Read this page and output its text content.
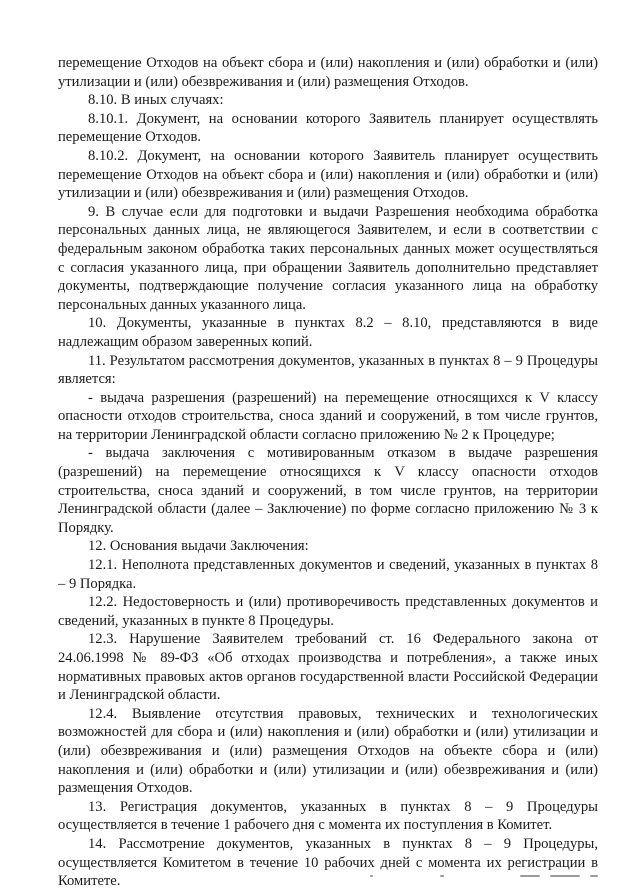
перемещение Отходов на объект сбора и (или) накопления и (или) обработки и (или) утилизации и (или) обезвреживания и (или) размещения Отходов.

8.10. В иных случаях:

8.10.1. Документ, на основании которого Заявитель планирует осуществлять перемещение Отходов.

8.10.2. Документ, на основании которого Заявитель планирует осуществить перемещение Отходов на объект сбора и (или) накопления и (или) обработки и (или) утилизации и (или) обезвреживания и (или) размещения Отходов.

9. В случае если для подготовки и выдачи Разрешения необходима обработка персональных данных лица, не являющегося Заявителем, и если в соответствии с федеральным законом обработка таких персональных данных может осуществляться с согласия указанного лица, при обращении Заявитель дополнительно представляет документы, подтверждающие получение согласия указанного лица на обработку персональных данных указанного лица.

10. Документы, указанные в пунктах 8.2 – 8.10, представляются в виде надлежащим образом заверенных копий.

11. Результатом рассмотрения документов, указанных в пунктах 8 – 9 Процедуры является:

- выдача разрешения (разрешений) на перемещение относящихся к V классу опасности отходов строительства, сноса зданий и сооружений, в том числе грунтов, на территории Ленинградской области согласно приложению № 2 к Процедуре;

- выдача заключения с мотивированным отказом в выдаче разрешения (разрешений) на перемещение относящихся к V классу опасности отходов строительства, сноса зданий и сооружений, в том числе грунтов, на территории Ленинградской области (далее – Заключение) по форме согласно приложению № 3 к Порядку.

12. Основания выдачи Заключения:

12.1. Неполнота представленных документов и сведений, указанных в пунктах 8 – 9 Порядка.

12.2. Недостоверность и (или) противоречивость представленных документов и сведений, указанных в пункте 8 Процедуры.

12.3. Нарушение Заявителем требований ст. 16 Федерального закона от 24.06.1998 № 89-ФЗ «Об отходах производства и потребления», а также иных нормативных правовых актов органов государственной власти Российской Федерации и Ленинградской области.

12.4. Выявление отсутствия правовых, технических и технологических возможностей для сбора и (или) накопления и (или) обработки и (или) утилизации и (или) обезвреживания и (или) размещения Отходов на объекте сбора и (или) накопления и (или) обработки и (или) утилизации и (или) обезвреживания и (или) размещения Отходов.

13. Регистрация документов, указанных в пунктах 8 – 9 Процедуры осуществляется в течение 1 рабочего дня с момента их поступления в Комитет.

14. Рассмотрение документов, указанных в пунктах 8 – 9 Процедуры, осуществляется Комитетом в течение 10 рабочих дней с момента их регистрации в Комитете.
